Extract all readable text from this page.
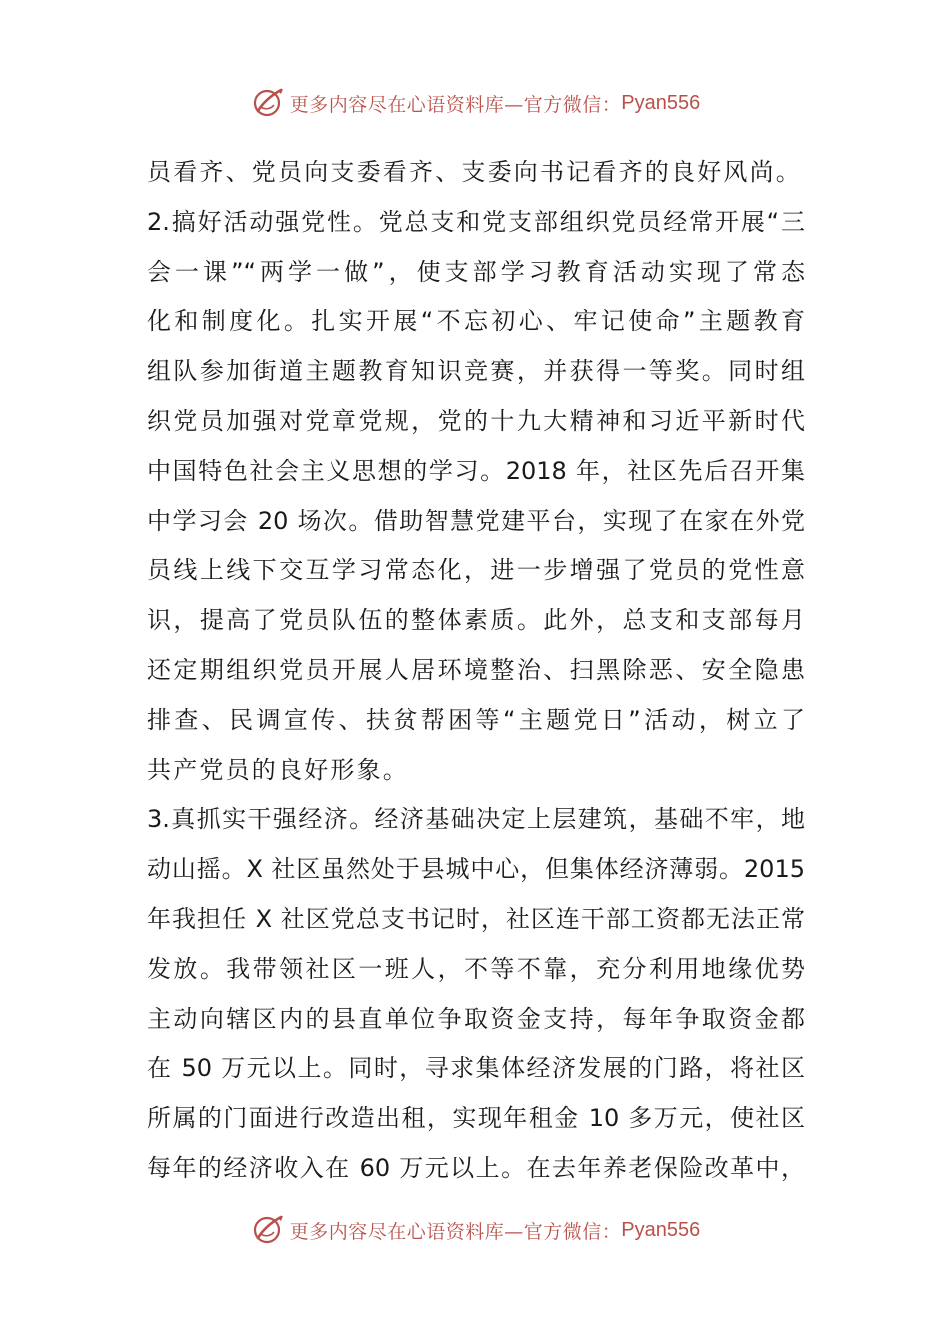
更多内容尽在心语资料库—官方微信： Pyan556
员看齐、党员向支委看齐、支委向书记看齐的良好风尚。
2.搞好活动强党性。党总支和党支部组织党员经常开展“三
会一课”“两学一做”，使支部学习教育活动实现了常态
化和制度化。扎实开展“不忘初心、牢记使命”主题教育
组队参加街道主题教育知识竞赛，并获得一等奖。同时组
织党员加强对党章党规，党的十九大精神和习近平新时代
中国特色社会主义思想的学习。2018 年，社区先后召开集
中学习会 20 场次。借助智慧党建平台，实现了在家在外党
员线上线下交互学习常态化，进一步增强了党员的党性意
识，提高了党员队伍的整体素质。此外，总支和支部每月
还定期组织党员开展人居环境整治、扫黑除恶、安全隐患
排查、民调宣传、扶贫帮困等“主题党日”活动，树立了
共产党员的良好形象。
3.真抓实干强经济。经济基础决定上层建筑，基础不牢，地
动山摇。X 社区虽然处于县城中心，但集体经济薄弱。2015
年我担任 X 社区党总支书记时，社区连干部工资都无法正常
发放。我带领社区一班人，不等不靠，充分利用地缘优势
主动向辖区内的县直单位争取资金支持，每年争取资金都
在 50 万元以上。同时，寻求集体经济发展的门路，将社区
所属的门面进行改造出租，实现年租金 10 多万元，使社区
每年的经济收入在 60 万元以上。在去年养老保险改革中，
更多内容尽在心语资料库—官方微信： Pyan556
